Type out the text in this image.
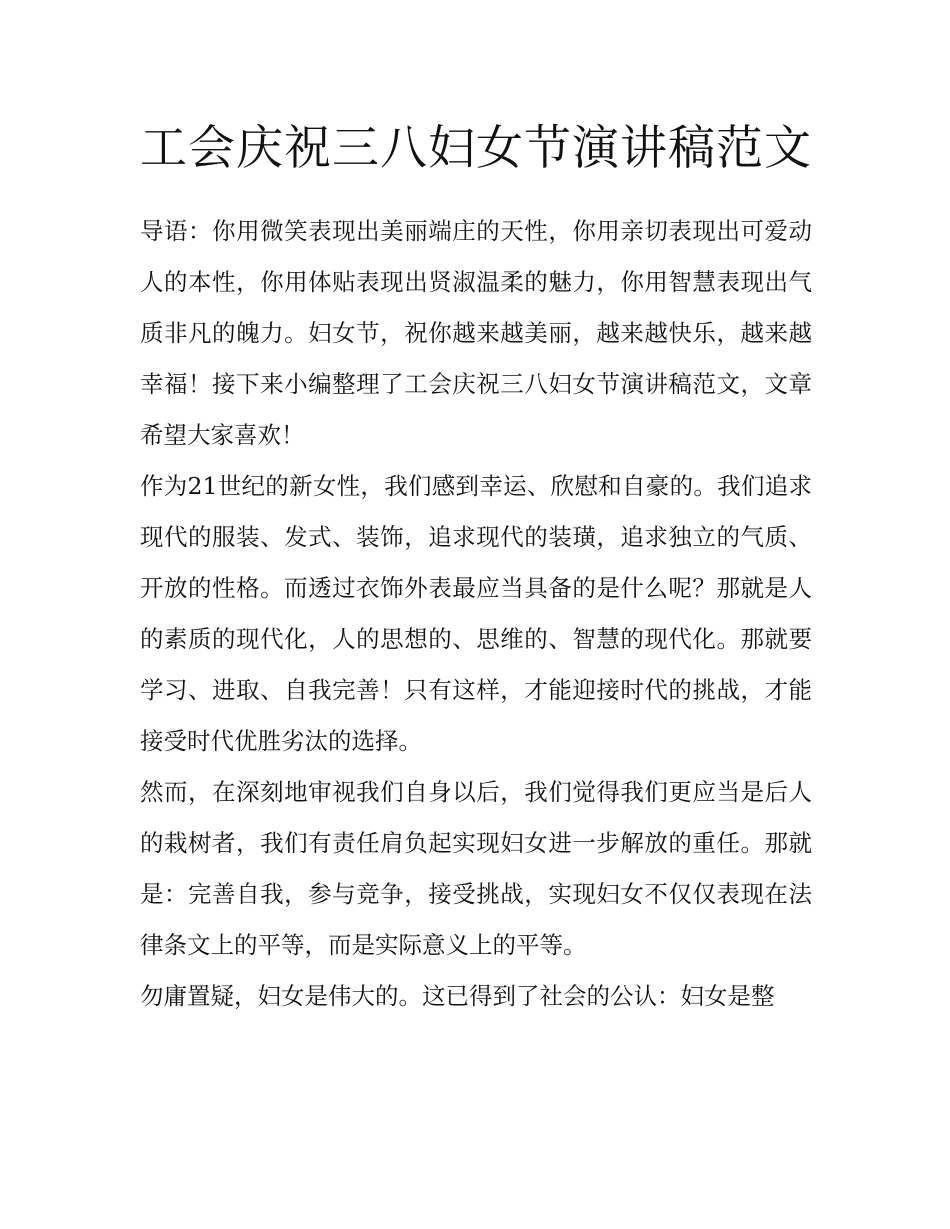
工会庆祝三八妇女节演讲稿范文

导语：你用微笑表现出美丽端庄的天性，你用亲切表现出可爱动人的本性，你用体贴表现出贤淑温柔的魅力，你用智慧表现出气质非凡的魄力。妇女节，祝你越来越美丽，越来越快乐，越来越幸福！接下来小编整理了工会庆祝三八妇女节演讲稿范文，文章希望大家喜欢！

作为21世纪的新女性，我们感到幸运、欣慰和自豪的。我们追求现代的服装、发式、装饰，追求现代的装璜，追求独立的气质、开放的性格。而透过衣饰外表最应当具备的是什么呢？那就是人的素质的现代化，人的思想的、思维的、智慧的现代化。那就要学习、进取、自我完善！只有这样，才能迎接时代的挑战，才能接受时代优胜劣汰的选择。

然而，在深刻地审视我们自身以后，我们觉得我们更应当是后人的栽树者，我们有责任肩负起实现妇女进一步解放的重任。那就是：完善自我，参与竞争，接受挑战，实现妇女不仅仅表现在法律条文上的平等，而是实际意义上的平等。

勿庸置疑，妇女是伟大的。这已得到了社会的公认：妇女是整
